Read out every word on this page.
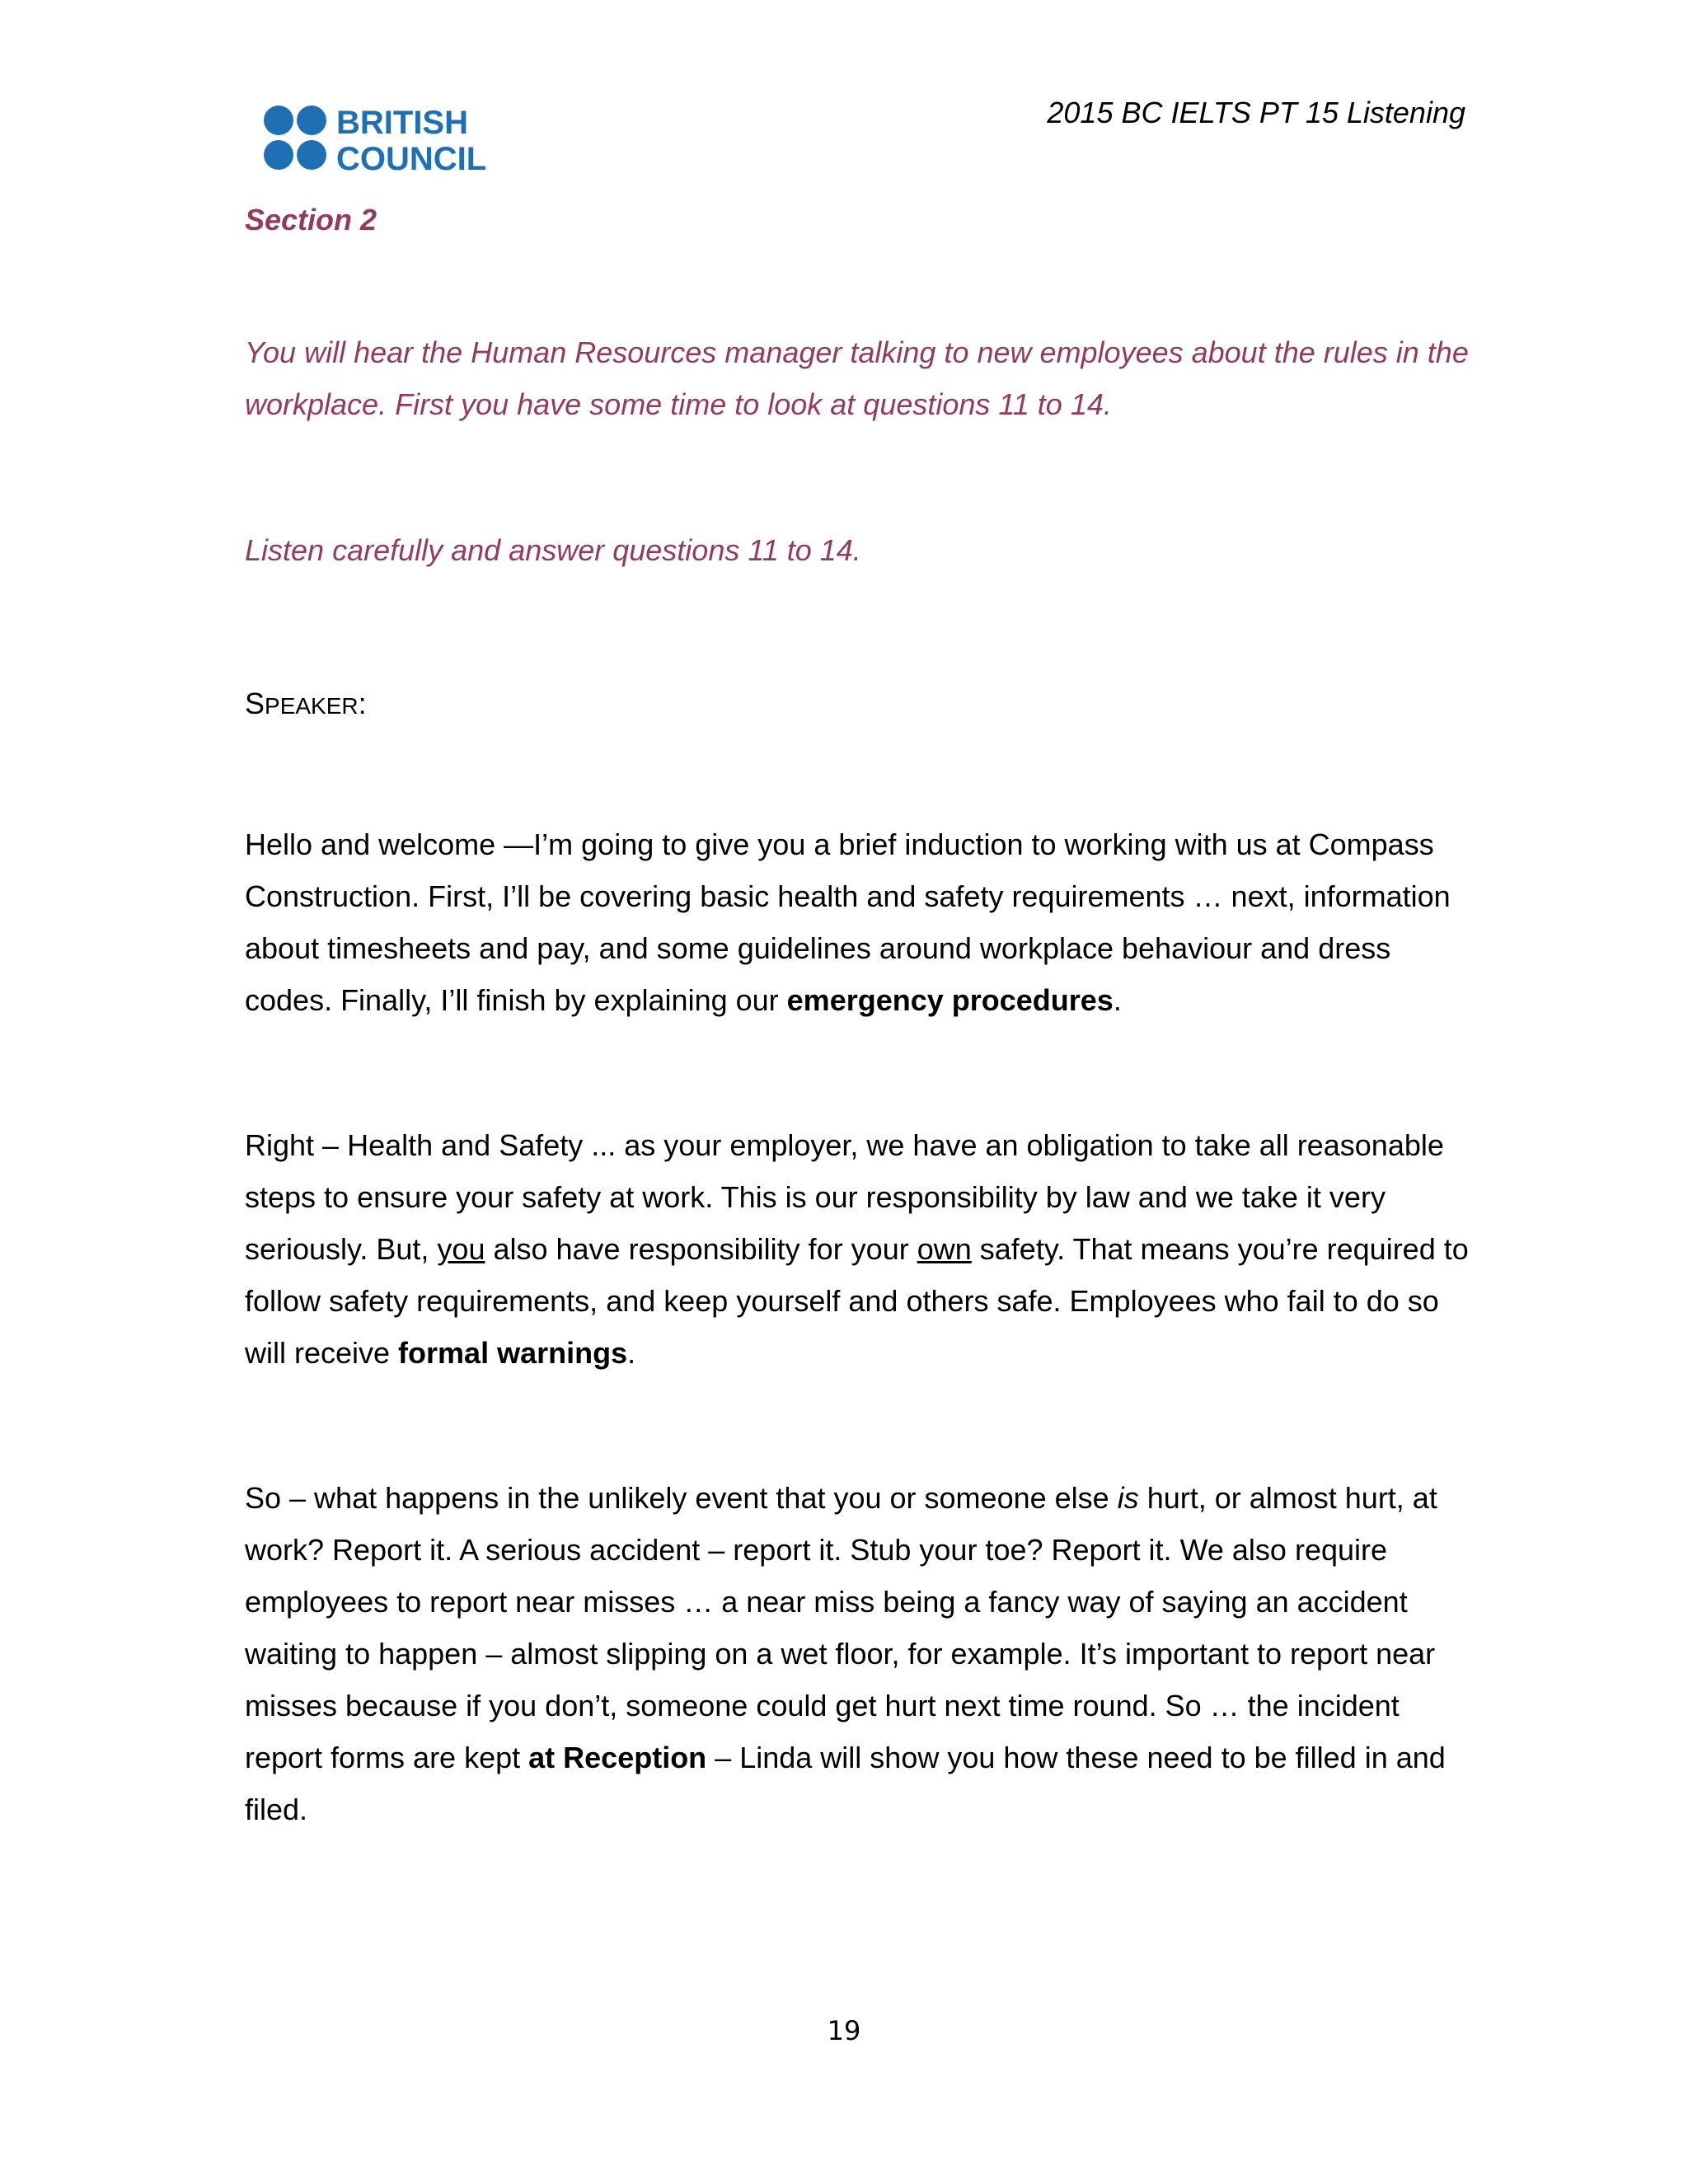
BRITISH
COUNCIL
2015 BC IELTS PT 15 Listening
Section 2
You will hear the Human Resources manager talking to new employees about the rules in the workplace. First you have some time to look at questions 11 to 14.
Listen carefully and answer questions 11 to 14.
SPEAKER:

Hello and welcome —I’m going to give you a brief induction to working with us at Compass Construction. First, I’ll be covering basic health and safety requirements … next, information about timesheets and pay, and some guidelines around workplace behaviour and dress codes. Finally, I’ll finish by explaining our emergency procedures.

Right – Health and Safety ... as your employer, we have an obligation to take all reasonable steps to ensure your safety at work. This is our responsibility by law and we take it very seriously. But, you also have responsibility for your own safety. That means you’re required to follow safety requirements, and keep yourself and others safe. Employees who fail to do so will receive formal warnings.

So – what happens in the unlikely event that you or someone else is hurt, or almost hurt, at work? Report it. A serious accident – report it. Stub your toe? Report it. We also require employees to report near misses … a near miss being a fancy way of saying an accident waiting to happen – almost slipping on a wet floor, for example. It’s important to report near misses because if you don’t, someone could get hurt next time round. So … the incident report forms are kept at Reception – Linda will show you how these need to be filled in and filed.

19
